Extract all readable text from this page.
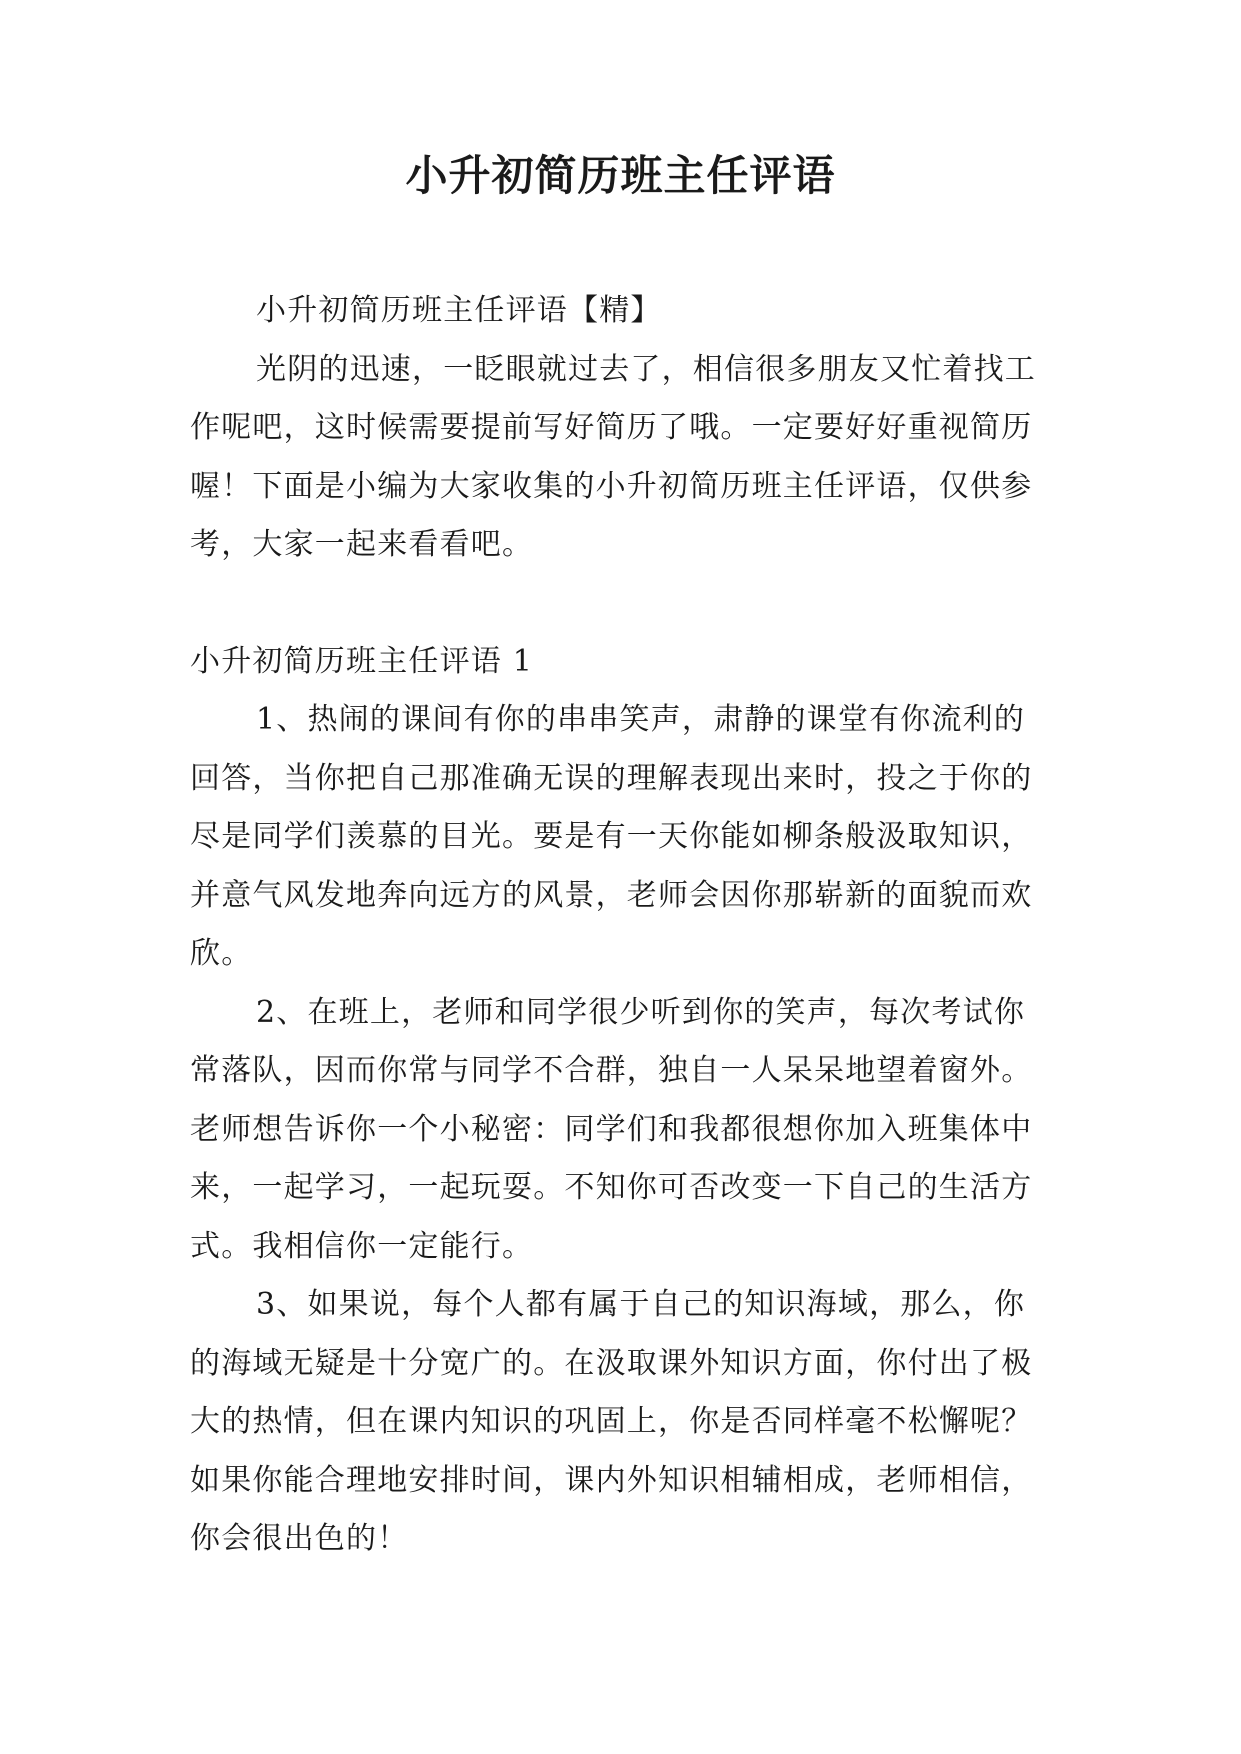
小升初简历班主任评语

小升初简历班主任评语【精】

光阴的迅速，一眨眼就过去了，相信很多朋友又忙着找工作呢吧，这时候需要提前写好简历了哦。一定要好好重视简历喔！下面是小编为大家收集的小升初简历班主任评语，仅供参考，大家一起来看看吧。

小升初简历班主任评语 1

1、热闹的课间有你的串串笑声，肃静的课堂有你流利的回答，当你把自己那准确无误的理解表现出来时，投之于你的尽是同学们羡慕的目光。要是有一天你能如柳条般汲取知识，并意气风发地奔向远方的风景，老师会因你那崭新的面貌而欢欣。

2、在班上，老师和同学很少听到你的笑声，每次考试你常落队，因而你常与同学不合群，独自一人呆呆地望着窗外。老师想告诉你一个小秘密：同学们和我都很想你加入班集体中来，一起学习，一起玩耍。不知你可否改变一下自己的生活方式。我相信你一定能行。

3、如果说，每个人都有属于自己的知识海域，那么，你的海域无疑是十分宽广的。在汲取课外知识方面，你付出了极大的热情，但在课内知识的巩固上，你是否同样毫不松懈呢？如果你能合理地安排时间，课内外知识相辅相成，老师相信，你会很出色的！
